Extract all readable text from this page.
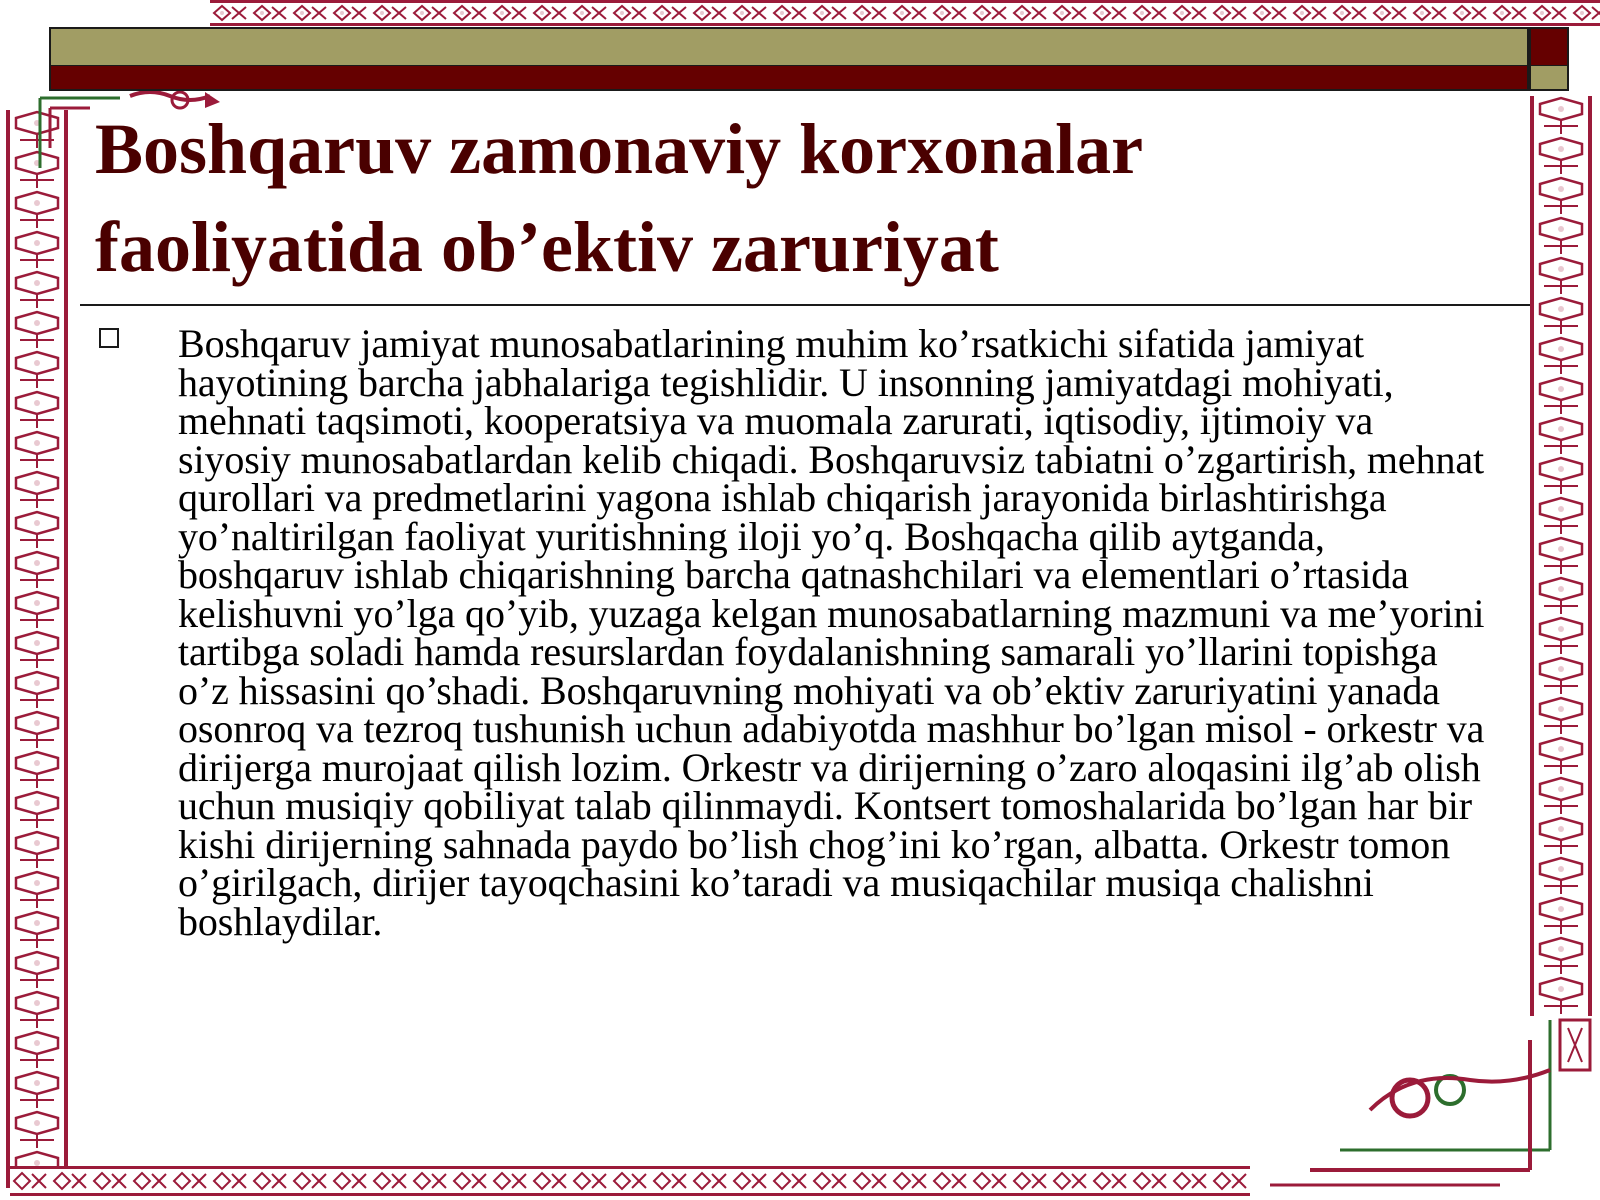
Boshqaruv zamonaviy korxonalar faoliyatida ob’ektiv zaruriyat

Boshqaruv jamiyat munosabatlarining muhim ko’rsatkichi sifatida jamiyat hayotining barcha jabhalariga tegishlidir. U insonning jamiyatdagi mohiyati, mehnati taqsimoti, kooperatsiya va muomala zarurati, iqtisodiy, ijtimoiy va siyosiy munosabatlardan kelib chiqadi. Boshqaruvsiz tabiatni o’zgartirish, mehnat qurollari va predmetlarini yagona ishlab chiqarish jarayonida birlashtirishga yo’naltirilgan faoliyat yuritishning iloji yo’q. Boshqacha qilib aytganda, boshqaruv ishlab chiqarishning barcha qatnashchilari va elementlari o’rtasida kelishuvni yo’lga qo’yib, yuzaga kelgan munosabatlarning mazmuni va me’yorini tartibga soladi hamda resurslardan foydalanishning samarali yo’llarini topishga o’z hissasini qo’shadi. Boshqaruvning mohiyati va ob’ektiv zaruriyatini yanada osonroq va tezroq tushunish uchun adabiyotda mashhur bo’lgan misol - orkestr va dirijerga murojaat qilish lozim. Orkestr va dirijerning o’zaro aloqasini ilg’ab olish uchun musiqiy qobiliyat talab qilinmaydi. Kontsert tomoshalarida bo’lgan har bir kishi dirijerning sahnada paydo bo’lish chog’ini ko’rgan, albatta. Orkestr tomon o’girilgach, dirijer tayoqchasini ko’taradi va musiqachilar musiqa chalishni boshlaydilar.
